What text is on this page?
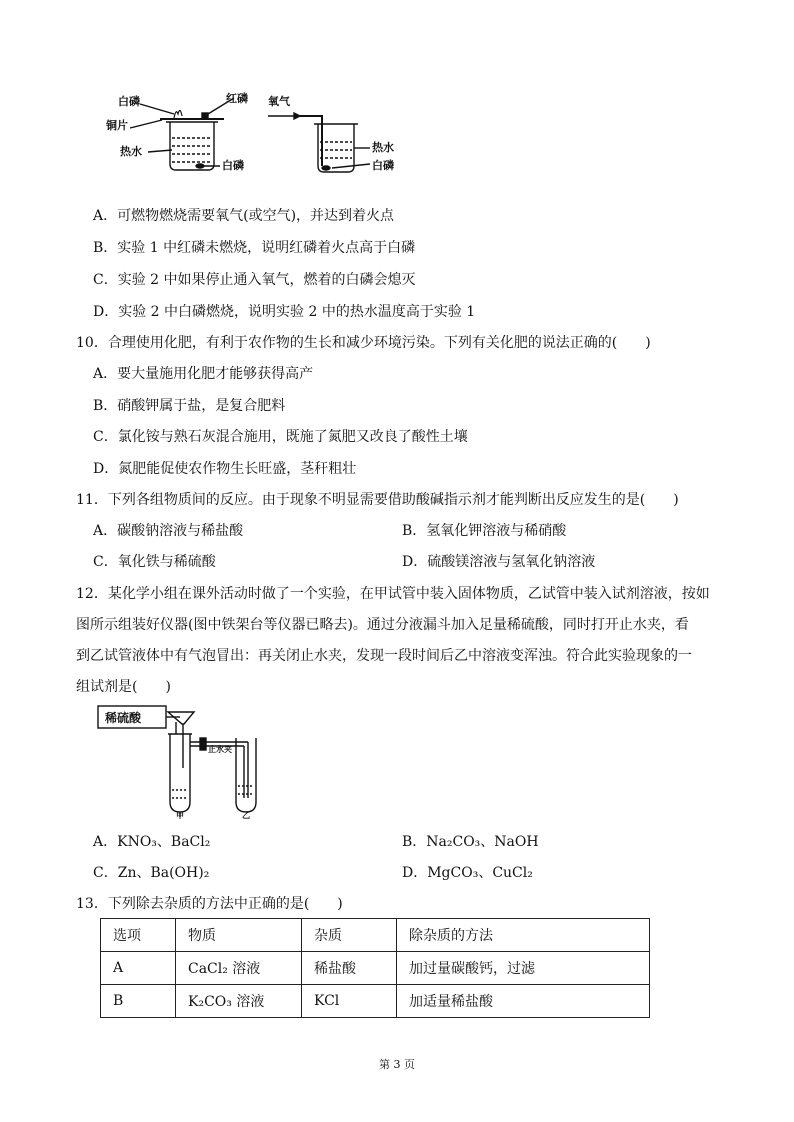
白磷	红磷
铜片
热水
白磷
氧气
热水
白磷
A．可燃物燃烧需要氧气(或空气)，并达到着火点
B．实验 1 中红磷未燃烧，说明红磷着火点高于白磷
C．实验 2 中如果停止通入氧气，燃着的白磷会熄灭
D．实验 2 中白磷燃烧，说明实验 2 中的热水温度高于实验 1
10．合理使用化肥，有利于农作物的生长和减少环境污染。下列有关化肥的说法正确的(　　)
A．要大量施用化肥才能够获得高产
B．硝酸钾属于盐，是复合肥料
C．氯化铵与熟石灰混合施用，既施了氮肥又改良了酸性土壤
D．氮肥能促使农作物生长旺盛，茎秆粗壮
11．下列各组物质间的反应。由于现象不明显需要借助酸碱指示剂才能判断出反应发生的是(　　)
A．碳酸钠溶液与稀盐酸	B．氢氧化钾溶液与稀硝酸
C．氧化铁与稀硫酸	D．硫酸镁溶液与氢氧化钠溶液
12．某化学小组在课外活动时做了一个实验，在甲试管中装入固体物质，乙试管中装入试剂溶液，按如
图所示组装好仪器(图中铁架台等仪器已略去)。通过分液漏斗加入足量稀硫酸，同时打开止水夹，看
到乙试管液体中有气泡冒出：再关闭止水夹，发现一段时间后乙中溶液变浑浊。符合此实验现象的一
组试剂是(　　)
稀硫酸
止水夹
甲	乙
A．KNO₃、BaCl₂	B．Na₂CO₃、NaOH
C．Zn、Ba(OH)₂	D．MgCO₃、CuCl₂
13．下列除去杂质的方法中正确的是(　　)
选项	物质	杂质	除杂质的方法
A	CaCl₂ 溶液	稀盐酸	加过量碳酸钙，过滤
B	K₂CO₃ 溶液	KCl	加适量稀盐酸
第 3 页
